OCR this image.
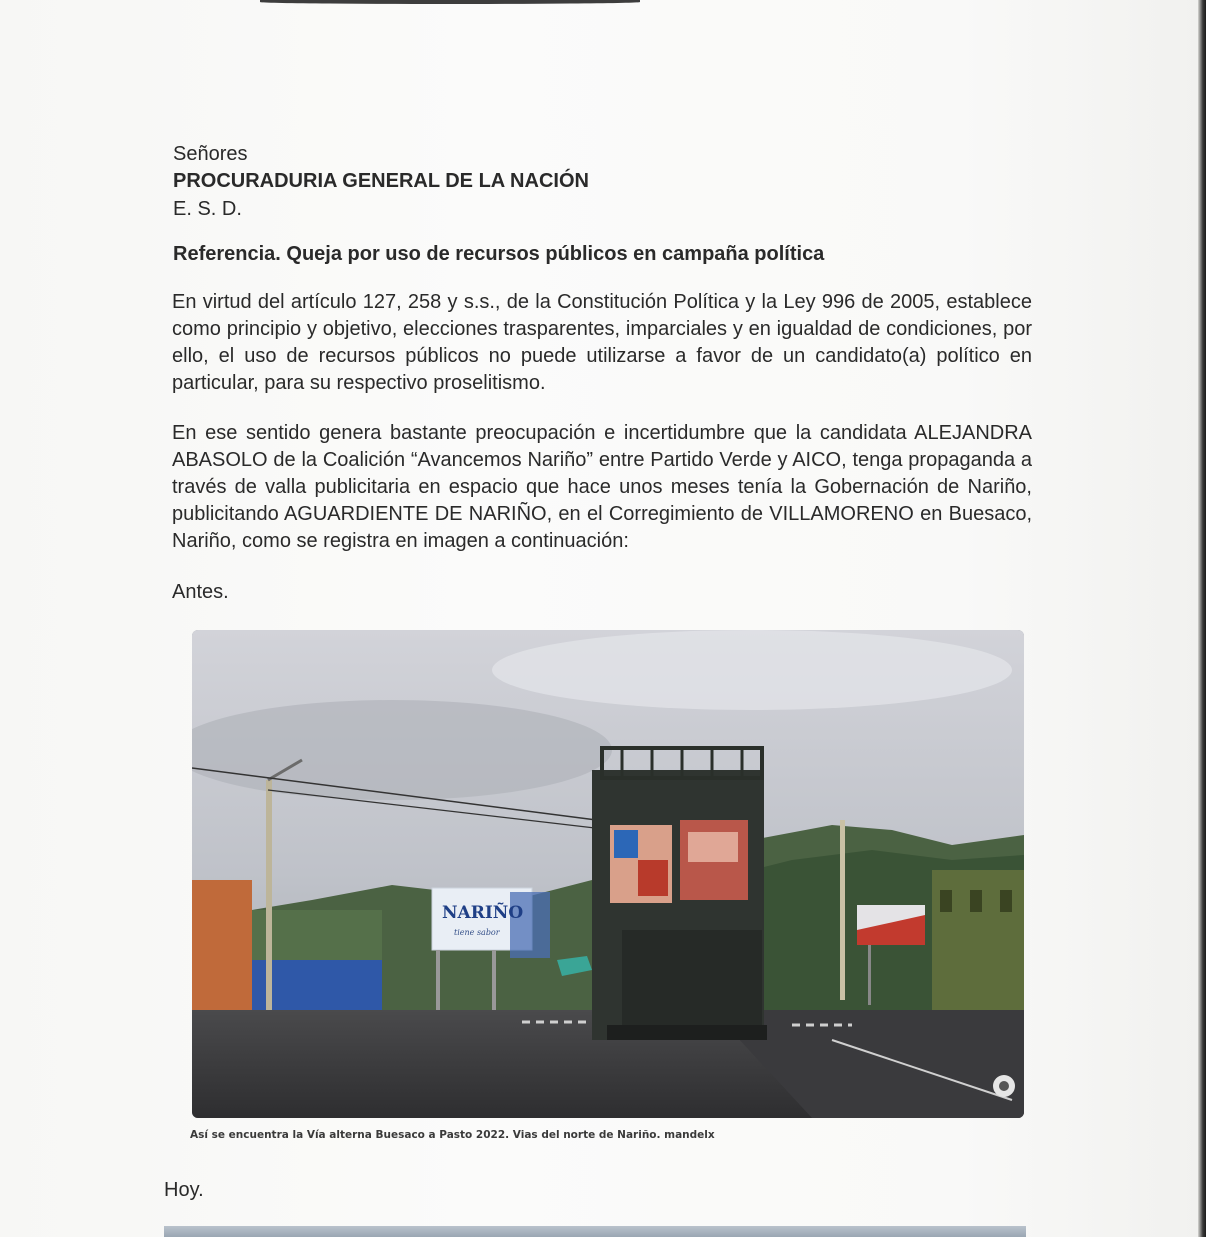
Señores
PROCURADURIA GENERAL DE LA NACIÓN
E. S. D.
Referencia. Queja por uso de recursos públicos en campaña política
En virtud del artículo 127, 258 y s.s., de la Constitución Política y la Ley 996 de 2005, establece como principio y objetivo, elecciones trasparentes, imparciales y en igualdad de condiciones, por ello, el uso de recursos públicos no puede utilizarse a favor de un candidato(a) político en particular, para su respectivo proselitismo.
En ese sentido genera bastante preocupación e incertidumbre que la candidata ALEJANDRA ABASOLO de la Coalición “Avancemos Nariño” entre Partido Verde y AICO, tenga propaganda a través de valla publicitaria en espacio que hace unos meses tenía la Gobernación de Nariño, publicitando AGUARDIENTE DE NARIÑO, en el Corregimiento de VILLAMORENO en Buesaco, Nariño, como se registra en imagen a continuación:
Antes.
NARIÑO
tiene sabor
Así se encuentra la Vía alterna Buesaco a Pasto 2022. Vias del norte de Nariño. mandelx
Hoy.
